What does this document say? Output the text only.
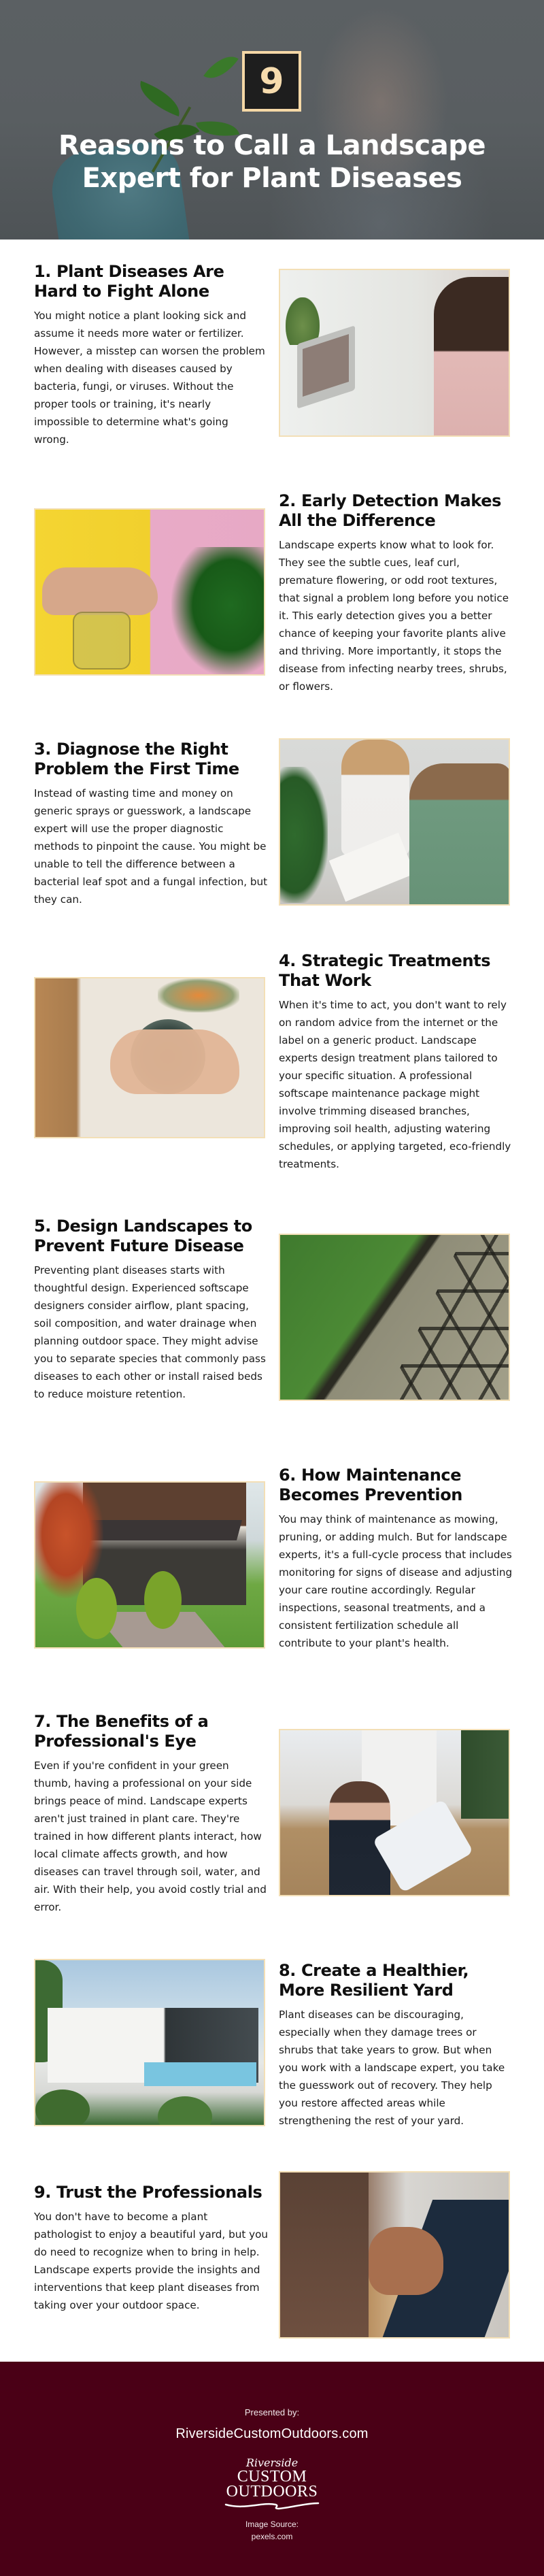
9
Reasons to Call a Landscape
Expert for Plant Diseases
1. Plant Diseases Are Hard to Fight Alone

You might notice a plant looking sick and assume it needs more water or fertilizer. However, a misstep can worsen the problem when dealing with diseases caused by bacteria, fungi, or viruses. Without the proper tools or training, it's nearly impossible to determine what's going wrong.

2. Early Detection Makes All the Difference

Landscape experts know what to look for. They see the subtle cues, leaf curl, premature flowering, or odd root textures, that signal a problem long before you notice it. This early detection gives you a better chance of keeping your favorite plants alive and thriving. More importantly, it stops the disease from infecting nearby trees, shrubs, or flowers.

3. Diagnose the Right Problem the First Time

Instead of wasting time and money on generic sprays or guesswork, a landscape expert will use the proper diagnostic methods to pinpoint the cause. You might be unable to tell the difference between a bacterial leaf spot and a fungal infection, but they can.

4. Strategic Treatments That Work

When it's time to act, you don't want to rely on random advice from the internet or the label on a generic product. Landscape experts design treatment plans tailored to your specific situation. A professional softscape maintenance package might involve trimming diseased branches, improving soil health, adjusting watering schedules, or applying targeted, eco-friendly treatments.

5. Design Landscapes to Prevent Future Disease

Preventing plant diseases starts with thoughtful design. Experienced softscape designers consider airflow, plant spacing, soil composition, and water drainage when planning outdoor space. They might advise you to separate species that commonly pass diseases to each other or install raised beds to reduce moisture retention.

6. How Maintenance Becomes Prevention

You may think of maintenance as mowing, pruning, or adding mulch. But for landscape experts, it's a full-cycle process that includes monitoring for signs of disease and adjusting your care routine accordingly. Regular inspections, seasonal treatments, and a consistent fertilization schedule all contribute to your plant's health.

7. The Benefits of a Professional's Eye

Even if you're confident in your green thumb, having a professional on your side brings peace of mind. Landscape experts aren't just trained in plant care. They're trained in how different plants interact, how local climate affects growth, and how diseases can travel through soil, water, and air. With their help, you avoid costly trial and error.

8. Create a Healthier, More Resilient Yard

Plant diseases can be discouraging, especially when they damage trees or shrubs that take years to grow. But when you work with a landscape expert, you take the guesswork out of recovery. They help you restore affected areas while strengthening the rest of your yard.

9. Trust the Professionals

You don't have to become a plant pathologist to enjoy a beautiful yard, but you do need to recognize when to bring in help. Landscape experts provide the insights and interventions that keep plant diseases from taking over your outdoor space.

Presented by:
RiversideCustomOutdoors.com
Riverside
CUSTOM
OUTDOORS
Image Source:
pexels.com
